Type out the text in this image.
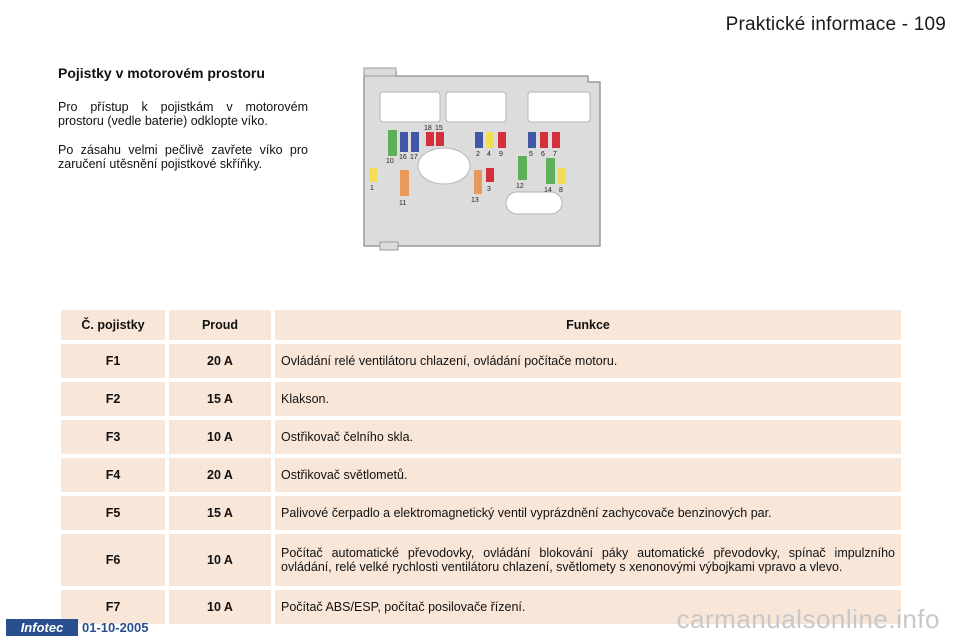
Praktické informace - 109
Pojistky v motorovém prostoru

Pro přístup k pojistkám v motorovém prostoru (vedle baterie) odklopte víko.

Po zásahu velmi pečlivě zavřete víko pro zaručení utěsnění pojistkové skříňky.	10
16 17
18 15
1
11
2 4 9
13
3	12
5 6 7
14 8
Č. pojistky	Proud	Funkce
F1	20 A	Ovládání relé ventilátoru chlazení, ovládání počítače motoru.
F2	15 A	Klakson.
F3	10 A	Ostřikovač čelního skla.
F4	20 A	Ostřikovač světlometů.
F5	15 A	Palivové čerpadlo a elektromagnetický ventil vyprázdnění zachycovače benzinových par.
F6	10 A	Počítač automatické převodovky, ovládání blokování páky automatické převodovky, spínač impulzního ovládání, relé velké rychlosti ventilátoru chlazení, světlomety s xenonovými výbojkami vpravo a vlevo.
F7	10 A	Počítač ABS/ESP, počítač posilovače řízení.
Infotec	01-10-2005	carmanualsonline.info
